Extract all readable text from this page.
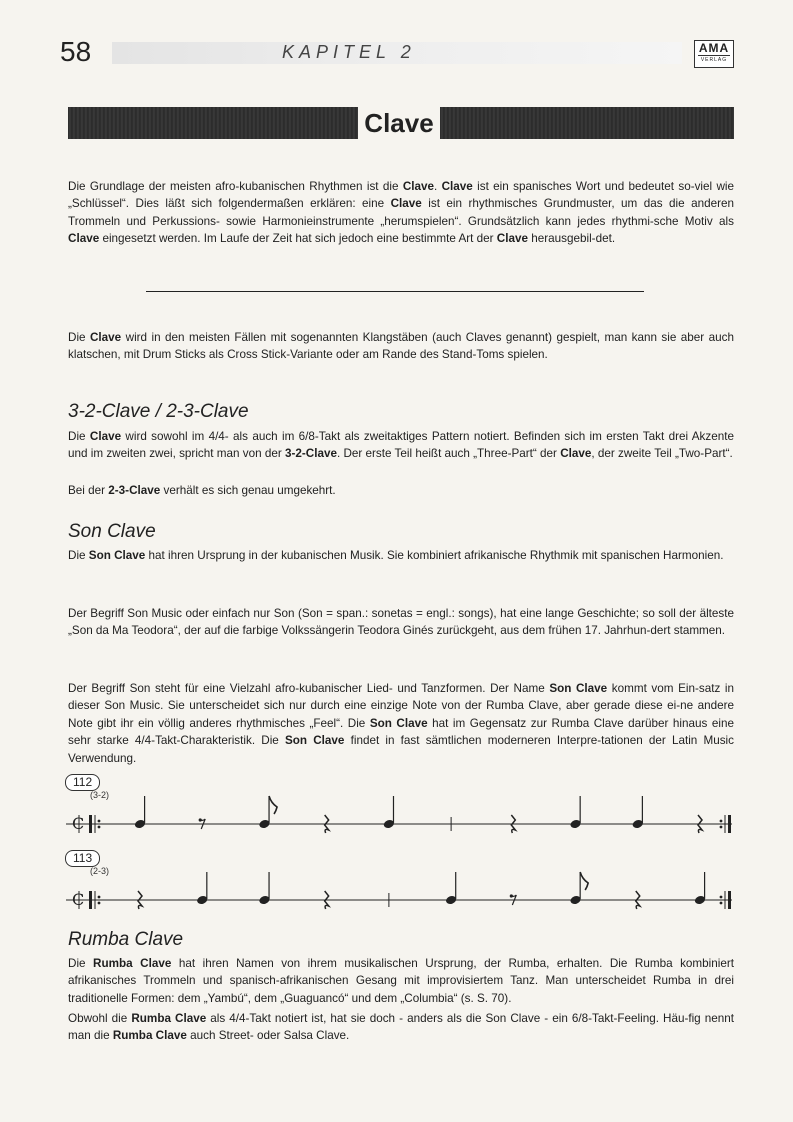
58	KAPITEL 2	AMA
VERLAG
Clave

Die Grundlage der meisten afro-kubanischen Rhythmen ist die Clave. Clave ist ein spanisches Wort und bedeutet so-viel wie „Schlüssel“. Dies läßt sich folgendermaßen erklären: eine Clave ist ein rhythmisches Grundmuster, um das die anderen Trommeln und Perkussions- sowie Harmonieinstrumente „herumspielen“. Grundsätzlich kann jedes rhythmi-sche Motiv als Clave eingesetzt werden. Im Laufe der Zeit hat sich jedoch eine bestimmte Art der Clave herausgebil-det.

Die Clave wird in den meisten Fällen mit sogenannten Klangstäben (auch Claves genannt) gespielt, man kann sie aber auch klatschen, mit Drum Sticks als Cross Stick-Variante oder am Rande des Stand-Toms spielen.

3-2-Clave / 2-3-Clave

Die Clave wird sowohl im 4/4- als auch im 6/8-Takt als zweitaktiges Pattern notiert. Befinden sich im ersten Takt drei Akzente und im zweiten zwei, spricht man von der 3-2-Clave. Der erste Teil heißt auch „Three-Part“ der Clave, der zweite Teil „Two-Part“.

Bei der 2-3-Clave verhält es sich genau umgekehrt.

Son Clave

Die Son Clave hat ihren Ursprung in der kubanischen Musik. Sie kombiniert afrikanische Rhythmik mit spanischen Harmonien.

Der Begriff Son Music oder einfach nur Son (Son = span.: sonetas = engl.: songs), hat eine lange Geschichte; so soll der älteste „Son da Ma Teodora“, der auf die farbige Volkssängerin Teodora Ginés zurückgeht, aus dem frühen 17. Jahrhun-dert stammen.

Der Begriff Son steht für eine Vielzahl afro-kubanischer Lied- und Tanzformen. Der Name Son Clave kommt vom Ein-satz in dieser Son Music. Sie unterscheidet sich nur durch eine einzige Note von der Rumba Clave, aber gerade diese ei-ne andere Note gibt ihr ein völlig anderes rhythmisches „Feel“. Die Son Clave hat im Gegensatz zur Rumba Clave darüber hinaus eine sehr starke 4/4-Takt-Charakteristik. Die Son Clave findet in fast sämtlichen moderneren Interpre-tationen der Latin Music Verwendung.

112
(3-2)
C
113
(2-3)
C
Rumba Clave

Die Rumba Clave hat ihren Namen von ihrem musikalischen Ursprung, der Rumba, erhalten. Die Rumba kombiniert afrikanisches Trommeln und spanisch-afrikanischen Gesang mit improvisiertem Tanz. Man unterscheidet Rumba in drei traditionelle Formen: dem „Yambú“, dem „Guaguancó“ und dem „Columbia“ (s. S. 70).

Obwohl die Rumba Clave als 4/4-Takt notiert ist, hat sie doch - anders als die Son Clave - ein 6/8-Takt-Feeling. Häu-fig nennt man die Rumba Clave auch Street- oder Salsa Clave.
